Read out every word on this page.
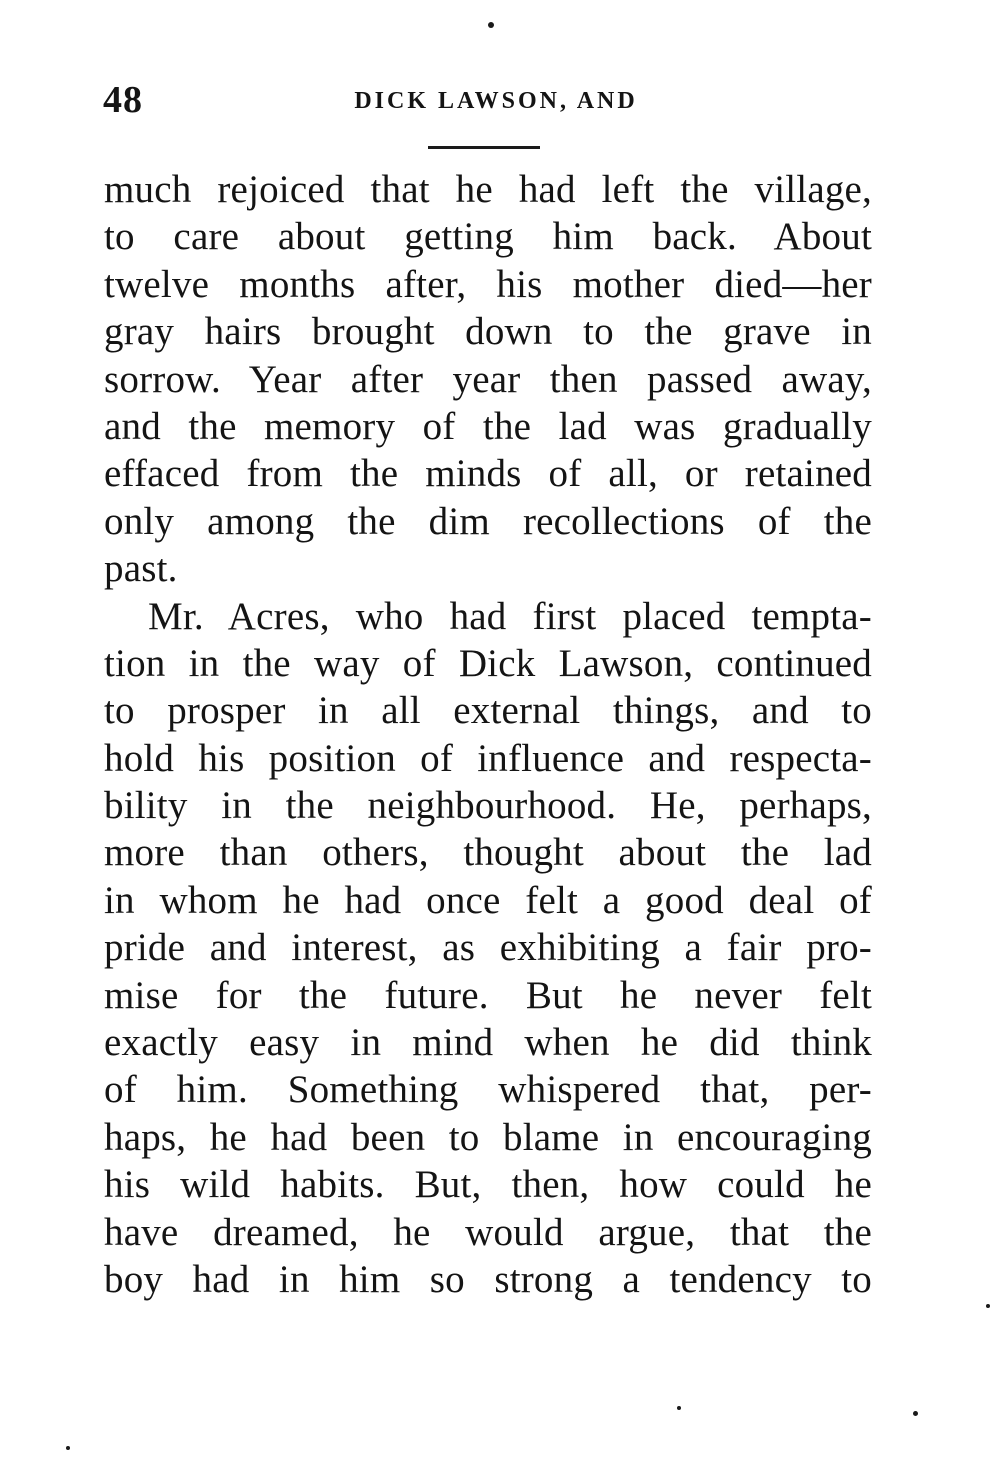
48	DICK LAWSON, AND
much rejoiced that he had left the village,
to care about getting him back. About
twelve months after, his mother died—her
gray hairs brought down to the grave in
sorrow. Year after year then passed away,
and the memory of the lad was gradually
effaced from the minds of all, or retained
only among the dim recollections of the
past.
Mr. Acres, who had first placed tempta-
tion in the way of Dick Lawson, continued
to prosper in all external things, and to
hold his position of influence and respecta-
bility in the neighbourhood. He, perhaps,
more than others, thought about the lad
in whom he had once felt a good deal of
pride and interest, as exhibiting a fair pro-
mise for the future. But he never felt
exactly easy in mind when he did think
of him. Something whispered that, per-
haps, he had been to blame in encouraging
his wild habits. But, then, how could he
have dreamed, he would argue, that the
boy had in him so strong a tendency to
